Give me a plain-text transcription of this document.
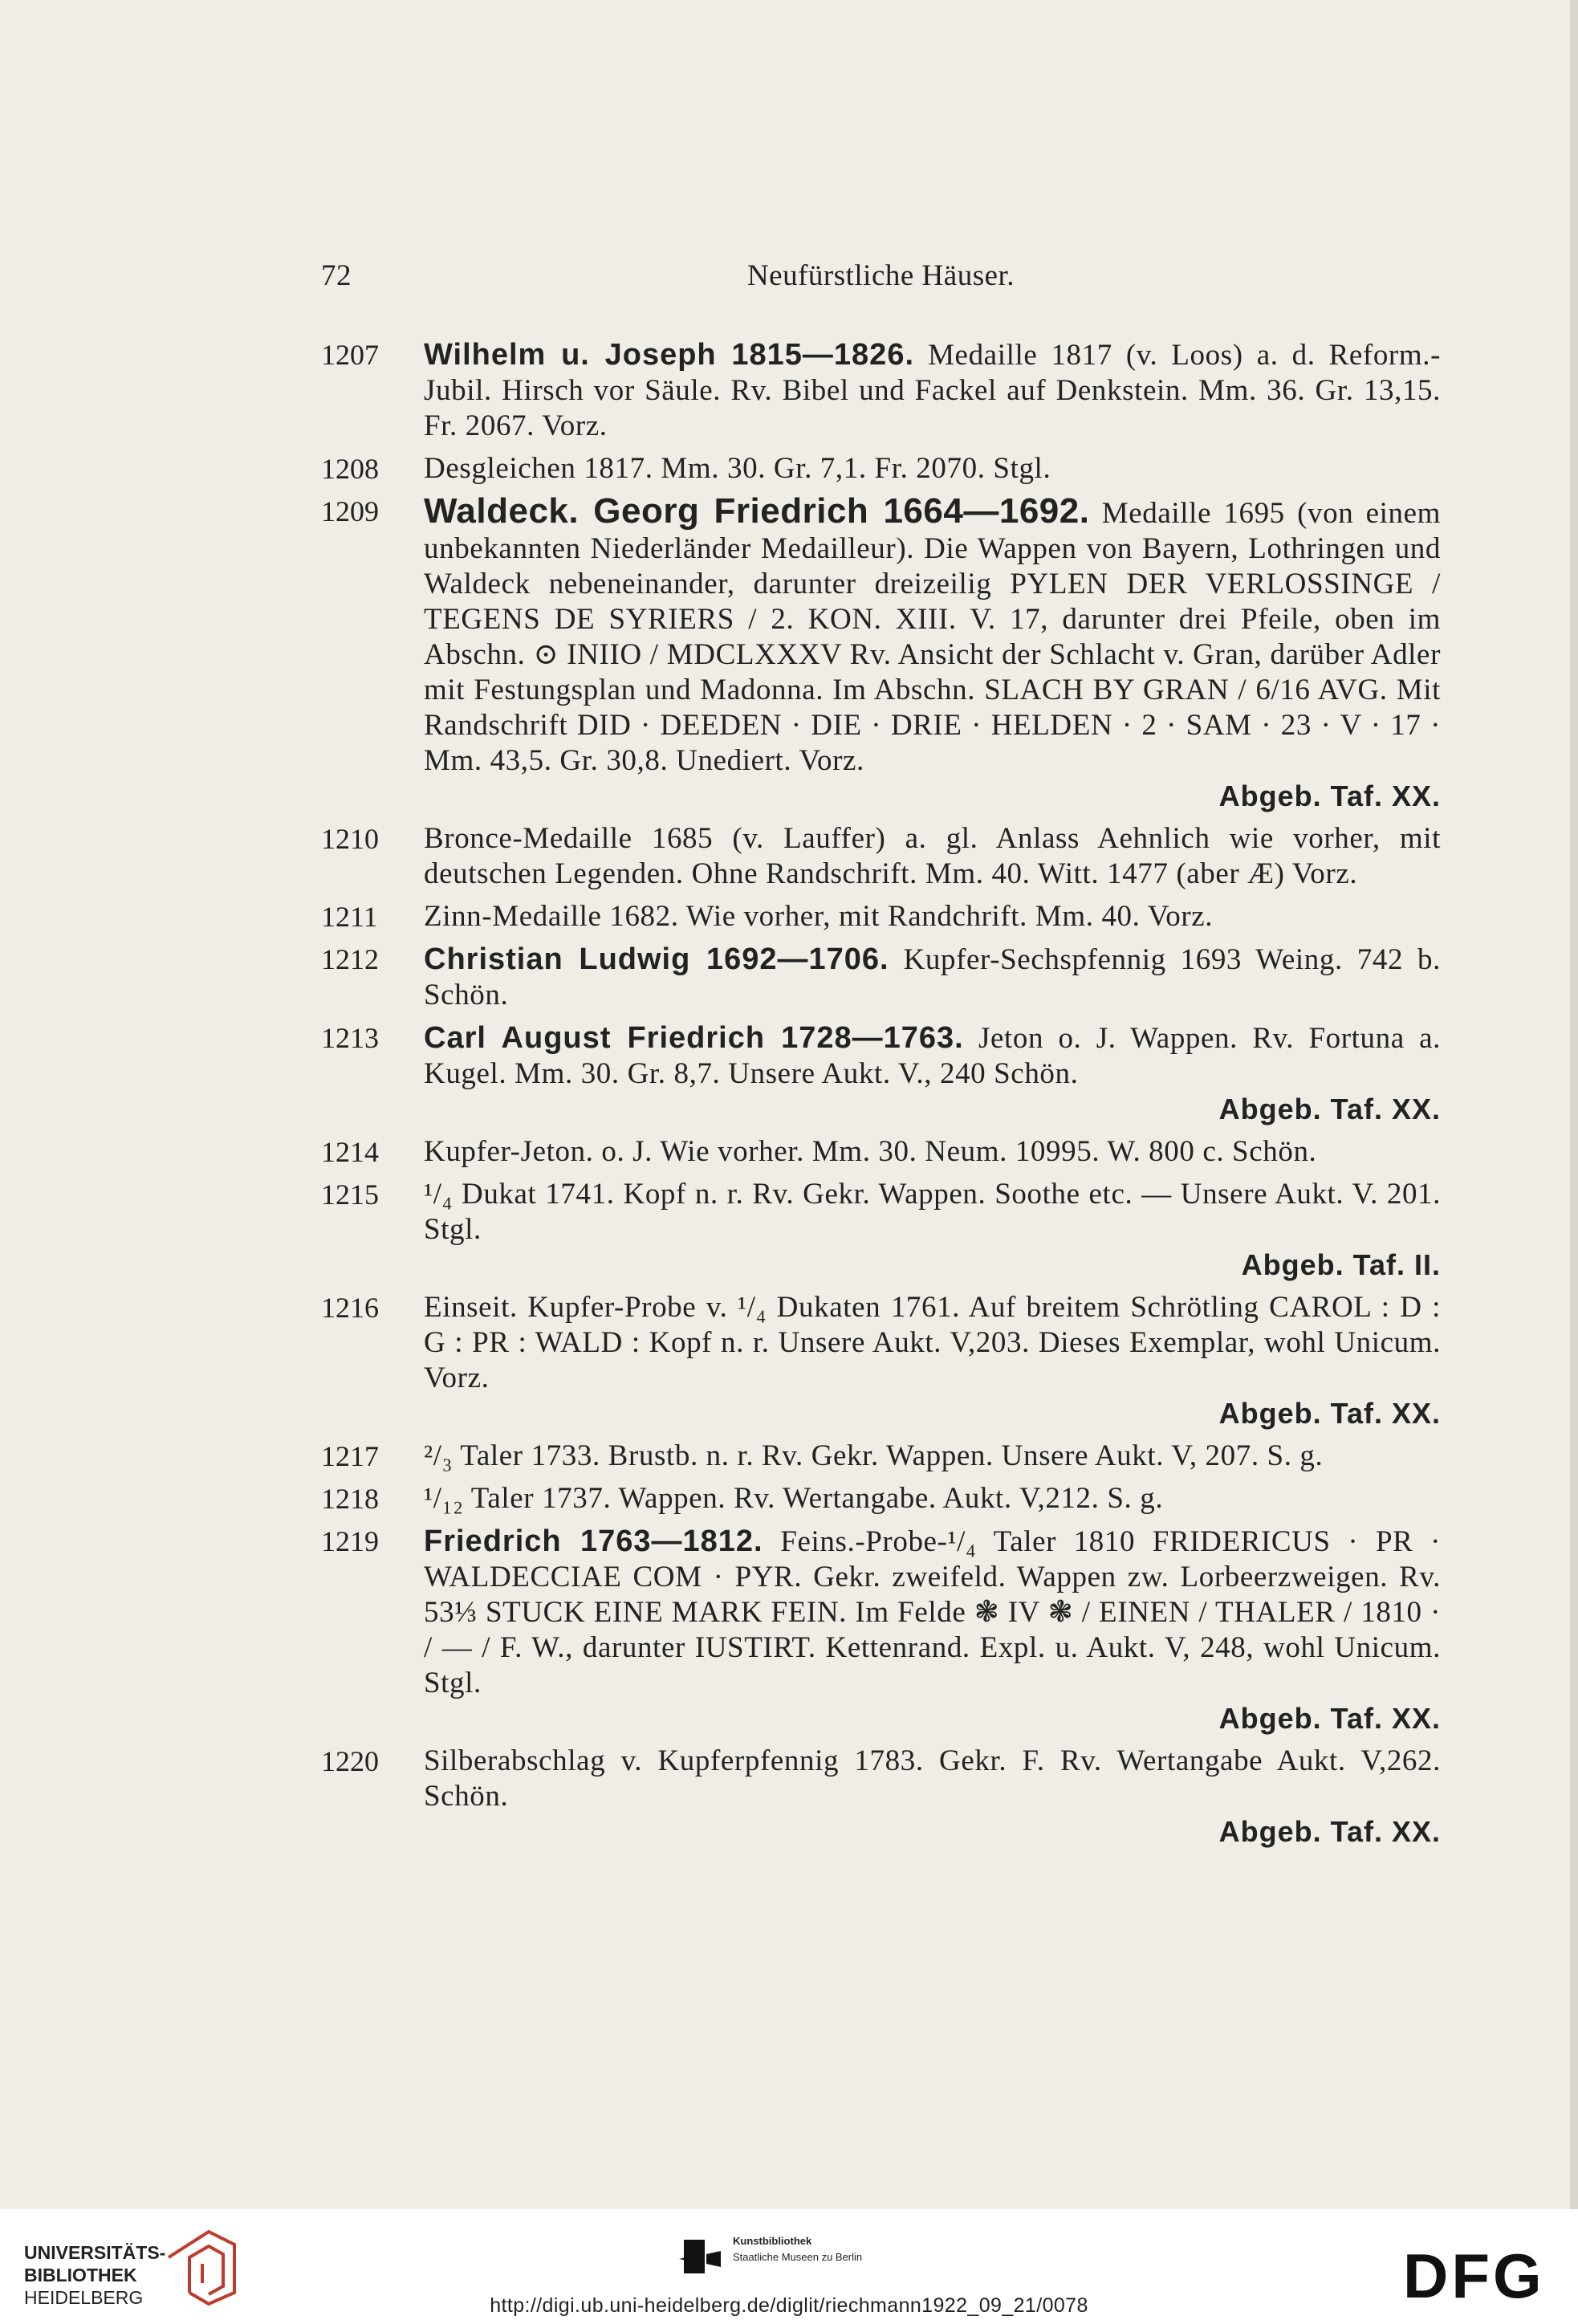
72	Neufürstliche Häuser.
1207	Wilhelm u. Joseph 1815—1826. Medaille 1817 (v. Loos) a. d. Reform.-Jubil. Hirsch vor Säule. Rv. Bibel und Fackel auf Denkstein. Mm. 36. Gr. 13,15. Fr. 2067. Vorz.
1208	Desgleichen 1817. Mm. 30. Gr. 7,1. Fr. 2070. Stgl.
1209	Waldeck. Georg Friedrich 1664—1692. Medaille 1695 (von einem unbekannten Niederländer Medailleur). Die Wappen von Bayern, Lothringen und Waldeck nebeneinander, darunter dreizeilig PYLEN DER VERLOSSINGE / TEGENS DE SYRIERS / 2. KON. XIII. V. 17, darunter drei Pfeile, oben im Abschn. ⊙ INIIO / MDCLXXXV Rv. Ansicht der Schlacht v. Gran, darüber Adler mit Festungsplan und Madonna. Im Abschn. SLACH BY GRAN / 6/16 AVG. Mit Randschrift DID · DEEDEN · DIE · DRIE · HELDEN · 2 · SAM · 23 · V · 17 · Mm. 43,5. Gr. 30,8. Unediert. Vorz.
Abgeb. Taf. XX.
1210	Bronce-Medaille 1685 (v. Lauffer) a. gl. Anlass Aehnlich wie vorher, mit deutschen Legenden. Ohne Randschrift. Mm. 40. Witt. 1477 (aber Æ) Vorz.
1211	Zinn-Medaille 1682. Wie vorher, mit Randchrift. Mm. 40. Vorz.
1212	Christian Ludwig 1692—1706. Kupfer-Sechspfennig 1693 Weing. 742 b. Schön.
1213	Carl August Friedrich 1728—1763. Jeton o. J. Wappen. Rv. Fortuna a. Kugel. Mm. 30. Gr. 8,7. Unsere Aukt. V., 240 Schön.
Abgeb. Taf. XX.
1214	Kupfer-Jeton. o. J. Wie vorher. Mm. 30. Neum. 10995. W. 800 c. Schön.
1215	¹/₄ Dukat 1741. Kopf n. r. Rv. Gekr. Wappen. Soothe etc. — Unsere Aukt. V. 201. Stgl.
Abgeb. Taf. II.
1216	Einseit. Kupfer-Probe v. ¹/₄ Dukaten 1761. Auf breitem Schrötling CAROL : D : G : PR : WALD : Kopf n. r. Unsere Aukt. V,203. Dieses Exemplar, wohl Unicum. Vorz.
Abgeb. Taf. XX.
1217	²/₃ Taler 1733. Brustb. n. r. Rv. Gekr. Wappen. Unsere Aukt. V, 207. S. g.
1218	¹/₁₂ Taler 1737. Wappen. Rv. Wertangabe. Aukt. V,212. S. g.
1219	Friedrich 1763—1812. Feins.-Probe-¹/₄ Taler 1810 FRIDERICUS · PR · WALDECCIAE COM · PYR. Gekr. zweifeld. Wappen zw. Lorbeerzweigen. Rv. 53⅓ STUCK EINE MARK FEIN. Im Felde ❃ IV ❃ / EINEN / THALER / 1810 · / — / F. W., darunter IUSTIRT. Kettenrand. Expl. u. Aukt. V, 248, wohl Unicum. Stgl.
Abgeb. Taf. XX.
1220	Silberabschlag v. Kupferpfennig 1783. Gekr. F. Rv. Wertangabe Aukt. V,262. Schön.
Abgeb. Taf. XX.
UNIVERSITÄTS-
BIBLIOTHEK
HEIDELBERG
Kunstbibliothek
Staatliche Museen zu Berlin	DFG
http://digi.ub.uni-heidelberg.de/diglit/riechmann1922_09_21/0078
